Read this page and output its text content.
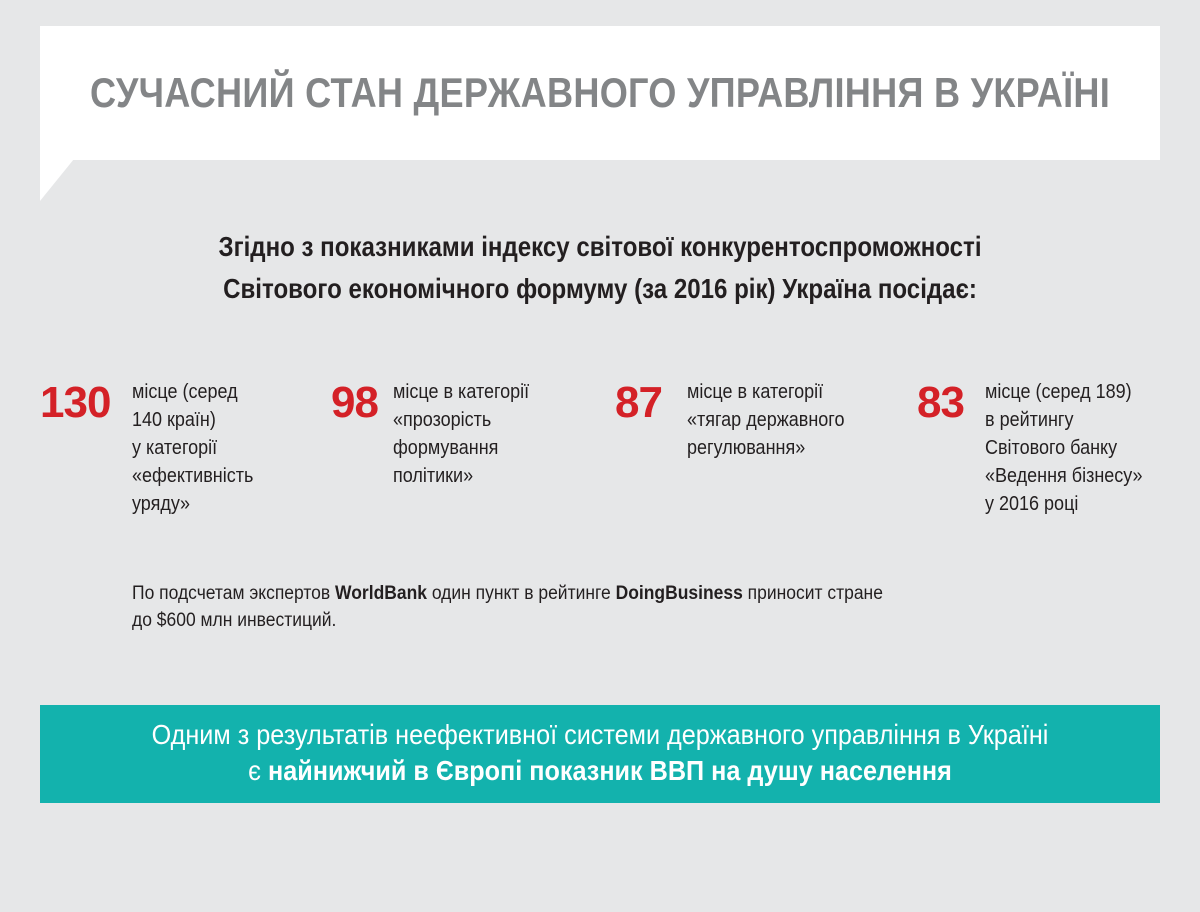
СУЧАСНИЙ СТАН ДЕРЖАВНОГО УПРАВЛІННЯ В УКРАЇНІ
Згідно з показниками індексу світової конкурентоспроможності
Світового економічного формуму (за 2016 рік) Україна посідає:
130 місце (серед
140 країн)
у категорії
«ефективність
уряду»
98 місце в категорії
«прозорість
формування
політики»
87 місце в категорії
«тягар державного
регулювання»
83 місце (серед 189)
в рейтингу
Світового банку
«Ведення бізнесу»
у 2016 році
По подсчетам экспертов WorldBank один пункт в рейтинге DoingBusiness приносит стране
до $600 млн инвестиций.
Одним з результатів неефективної системи державного управління в Україні
є найнижчий в Європі показник ВВП на душу населення
